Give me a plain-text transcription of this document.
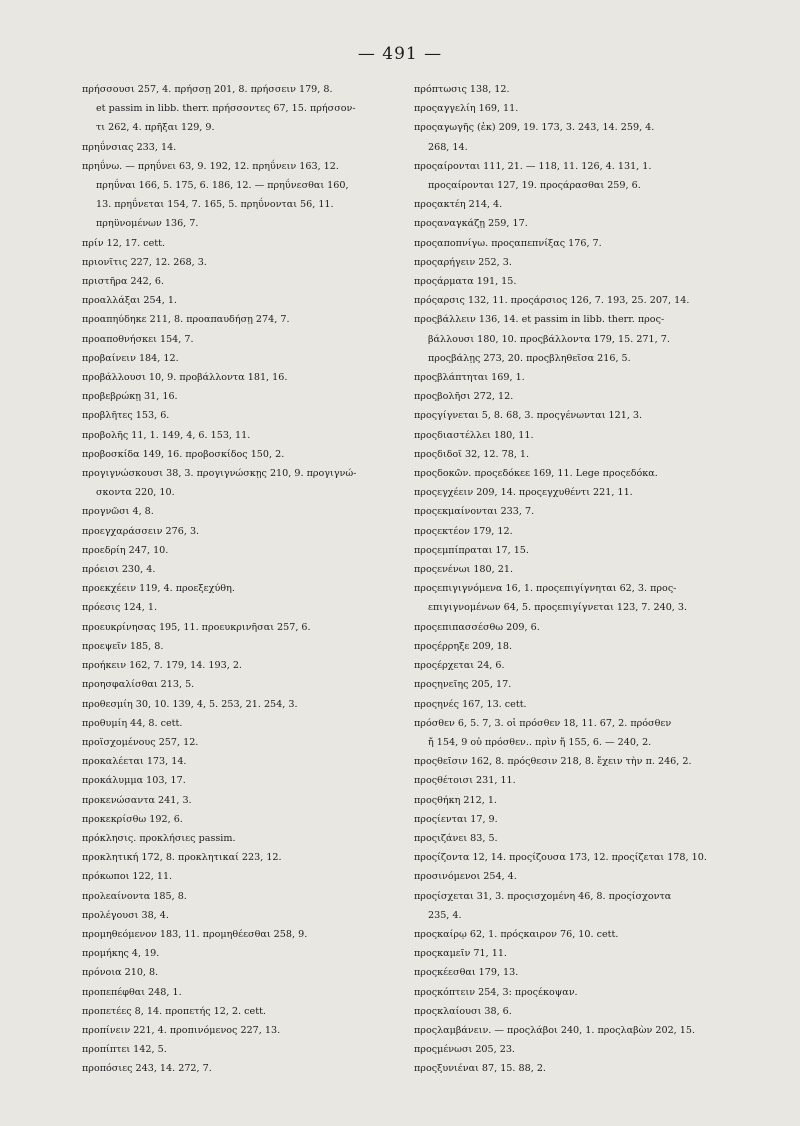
— 491 —
πρήσσουσι 257, 4. πρήσσῃ 201, 8. πρήσσειν 179, 8.
et passim in libb. therr. πρήσσοντες 67, 15. πρήσσον-
τι 262, 4. πρῆξαι 129, 9.
πρηΰνσιας 233, 14.
πρηΰνω. — πρηΰνει 63, 9. 192, 12. πρηΰνειν 163, 12.
πρηΰναι 166, 5. 175, 6. 186, 12. — πρηΰνεσθαι 160,
13. πρηΰνεται 154, 7. 165, 5. πρηΰνονται 56, 11.
πρηϋνομένων 136, 7.
πρίν 12, 17. cett.
πριονῖτις 227, 12. 268, 3.
πριστῆρα 242, 6.
προαλλάξαι 254, 1.
προαπηύδηκε 211, 8. προαπαυδήσῃ 274, 7.
προαποθνήσκει 154, 7.
προβαίνειν 184, 12.
προβάλλουσι 10, 9. προβάλλοντα 181, 16.
προβεβρώκῃ 31, 16.
προβλῆτες 153, 6.
προβολῆς 11, 1. 149, 4, 6. 153, 11.
προβοσκίδα 149, 16. προβοσκίδος 150, 2.
προγιγνώσκουσι 38, 3. προγιγνώσκῃς 210, 9. προγιγνώ-
σκοντα 220, 10.
προγνῶσι 4, 8.
προεγχαράσσειν 276, 3.
προεδρίη 247, 10.
πρόεισι 230, 4.
προεκχέειν 119, 4. προεξεχύθη.
πρόεσις 124, 1.
προευκρίνησας 195, 11. προευκρινῆσαι 257, 6.
προεψεῖν 185, 8.
προήκειν 162, 7. 179, 14. 193, 2.
προησφαλίσθαι 213, 5.
προθεσμίη 30, 10. 139, 4, 5. 253, 21. 254, 3.
προθυμίη 44, 8. cett.
προϊσχομένους 257, 12.
προκαλέεται 173, 14.
προκάλυμμα 103, 17.
προκενώσαντα 241, 3.
προκεκρίσθω 192, 6.
πρόκλησις. προκλήσιες passim.
προκλητική 172, 8. προκλητικαί 223, 12.
πρόκωποι 122, 11.
προλεαίνοντα 185, 8.
προλέγουσι 38, 4.
προμηθεόμενον 183, 11. προμηθέεσθαι 258, 9.
προμήκης 4, 19.
πρόνοια 210, 8.
προπεπέφθαι 248, 1.
προπετέες 8, 14. προπετής 12, 2. cett.
προπίνειν 221, 4. προπινόμενος 227, 13.
προπίπτει 142, 5.
προπόσιες 243, 14. 272, 7.
πρόπτωσις 138, 12.
προςαγγελίη 169, 11.
προςαγωγῆς (ἐκ) 209, 19. 173, 3. 243, 14. 259, 4.
268, 14.
προςαίρονται 111, 21. — 118, 11. 126, 4. 131, 1.
προςαίρονται 127, 19. προςάρασθαι 259, 6.
προςακτέη 214, 4.
προςαναγκάζῃ 259, 17.
προςαποπνίγω. προςαπεπνίξας 176, 7.
προςαρήγειν 252, 3.
προςάρματα 191, 15.
πρόςαρσις 132, 11. προςάρσιος 126, 7. 193, 25. 207, 14.
προςβάλλειν 136, 14. et passim in libb. therr. προς-
βάλλουσι 180, 10. προςβάλλοντα 179, 15. 271, 7.
προςβάλῃς 273, 20. προςβληθεῖσα 216, 5.
προςβλάπτηται 169, 1.
προςβολῆσι 272, 12.
προςγίγνεται 5, 8. 68, 3. προςγένωνται 121, 3.
προςδιαστέλλει 180, 11.
προςδιδοῖ 32, 12. 78, 1.
προςδοκῶν. προςεδόκεε 169, 11. Lege προςεδόκα.
προςεγχέειν 209, 14. προςεγχυθέντι 221, 11.
προςεκμαίνονται 233, 7.
προςεκτέον 179, 12.
προςεμπίπραται 17, 15.
προςενένωι 180, 21.
προςεπιγιγνόμενα 16, 1. προςεπιγίγνηται 62, 3. προς-
επιγιγνομένων 64, 5. προςεπιγίγνεται 123, 7. 240, 3.
προςεπιπασσέσθω 209, 6.
προςέρρηξε 209, 18.
προςέρχεται 24, 6.
προςηνεῖης 205, 17.
προςηνές 167, 13. cett.
πρόσθεν 6, 5. 7, 3. οἱ πρόσθεν 18, 11. 67, 2. πρόσθεν
ἤ 154, 9 οὐ πρόσθεν.. πρὶν ἤ 155, 6. — 240, 2.
προςθεῖσιν 162, 8. πρόςθεσιν 218, 8. ἔχειν τὴν π. 246, 2.
προςθέτοισι 231, 11.
προςθήκη 212, 1.
προςίενται 17, 9.
προςιζάνει 83, 5.
προςίζοντα 12, 14. προςίζουσα 173, 12. προςίζεται 178, 10.
προσινόμενοι 254, 4.
προςίσχεται 31, 3. προςισχομένη 46, 8. προςίσχοντα
235, 4.
προςκαίρῳ 62, 1. πρόςκαιρον 76, 10. cett.
προςκαμεῖν 71, 11.
προςκέεσθαι 179, 13.
προςκόπτειν 254, 3: προςέκοψαν.
προςκλαίουσι 38, 6.
προςλαμβάνειν. — προςλάβοι 240, 1. προςλαβὼν 202, 15.
προςμένωσι 205, 23.
προςξυνιέναι 87, 15. 88, 2.
